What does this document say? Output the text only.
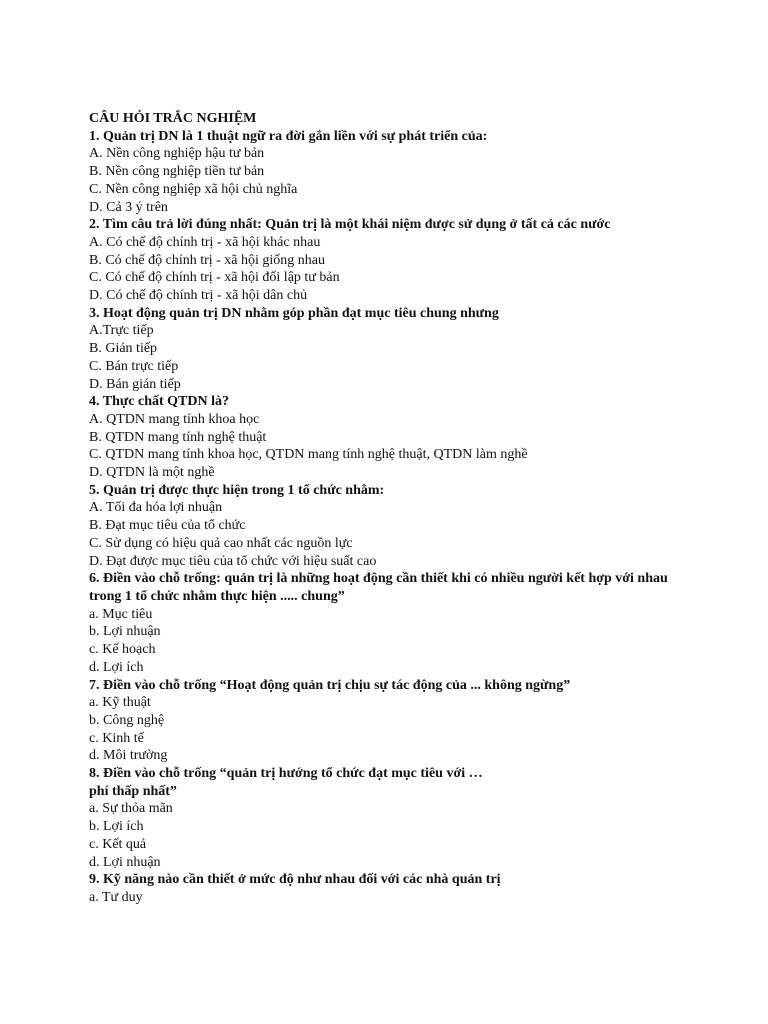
CÂU HỎI TRẮC NGHIỆM
1. Quản trị DN là 1 thuật ngữ ra đời gắn liền với sự phát triển của:
A. Nền công nghiệp hậu tư bản
B. Nền công nghiệp tiền tư bản
C. Nền công nghiệp xã hội chủ nghĩa
D. Cả 3 ý trên
2. Tìm câu trả lời đúng nhất: Quản trị là một khái niệm được sử dụng ở tất cả các nước
A. Có chế độ chính trị - xã hội khác nhau
B. Có chế độ chính trị - xã hội giống nhau
C. Có chế độ chính trị - xã hội đối lập tư bản
D. Có chế độ chính trị - xã hội dân chủ
3. Hoạt động quản trị DN nhằm góp phần đạt mục tiêu chung nhưng
A.Trực tiếp
B. Gián tiếp
C. Bán trực tiếp
D. Bán gián tiếp
4. Thực chất QTDN là?
A. QTDN mang tính khoa học
B. QTDN mang tính nghệ thuật
C. QTDN mang tính khoa học, QTDN mang tính nghệ thuật, QTDN làm nghề
D. QTDN là một nghề
5. Quản trị được thực hiện trong 1 tổ chức nhằm:
A. Tối đa hóa lợi nhuận
B. Đạt mục tiêu của tổ chức
C. Sử dụng có hiệu quả cao nhất các nguồn lực
D. Đạt được mục tiêu của tổ chức với hiệu suất cao
6. Điền vào chỗ trống: quản trị là những hoạt động cần thiết khi có nhiều người kết hợp với nhau trong 1 tổ chức nhằm thực hiện ..... chung”
a. Mục tiêu
b. Lợi nhuận
c. Kế hoạch
d. Lợi ích
7. Điền vào chỗ trống “Hoạt động quản trị chịu sự tác động của ... không ngừng”
a. Kỹ thuật
b. Công nghệ
c. Kinh tế
d. Môi trường
8. Điền vào chỗ trống “quản trị hướng tổ chức đạt mục tiêu với …
phí thấp nhất”
a. Sự thỏa mãn
b. Lợi ích
c. Kết quả
d. Lợi nhuận
9. Kỹ năng nào cần thiết ở mức độ như nhau đối với các nhà quản trị
a. Tư duy
